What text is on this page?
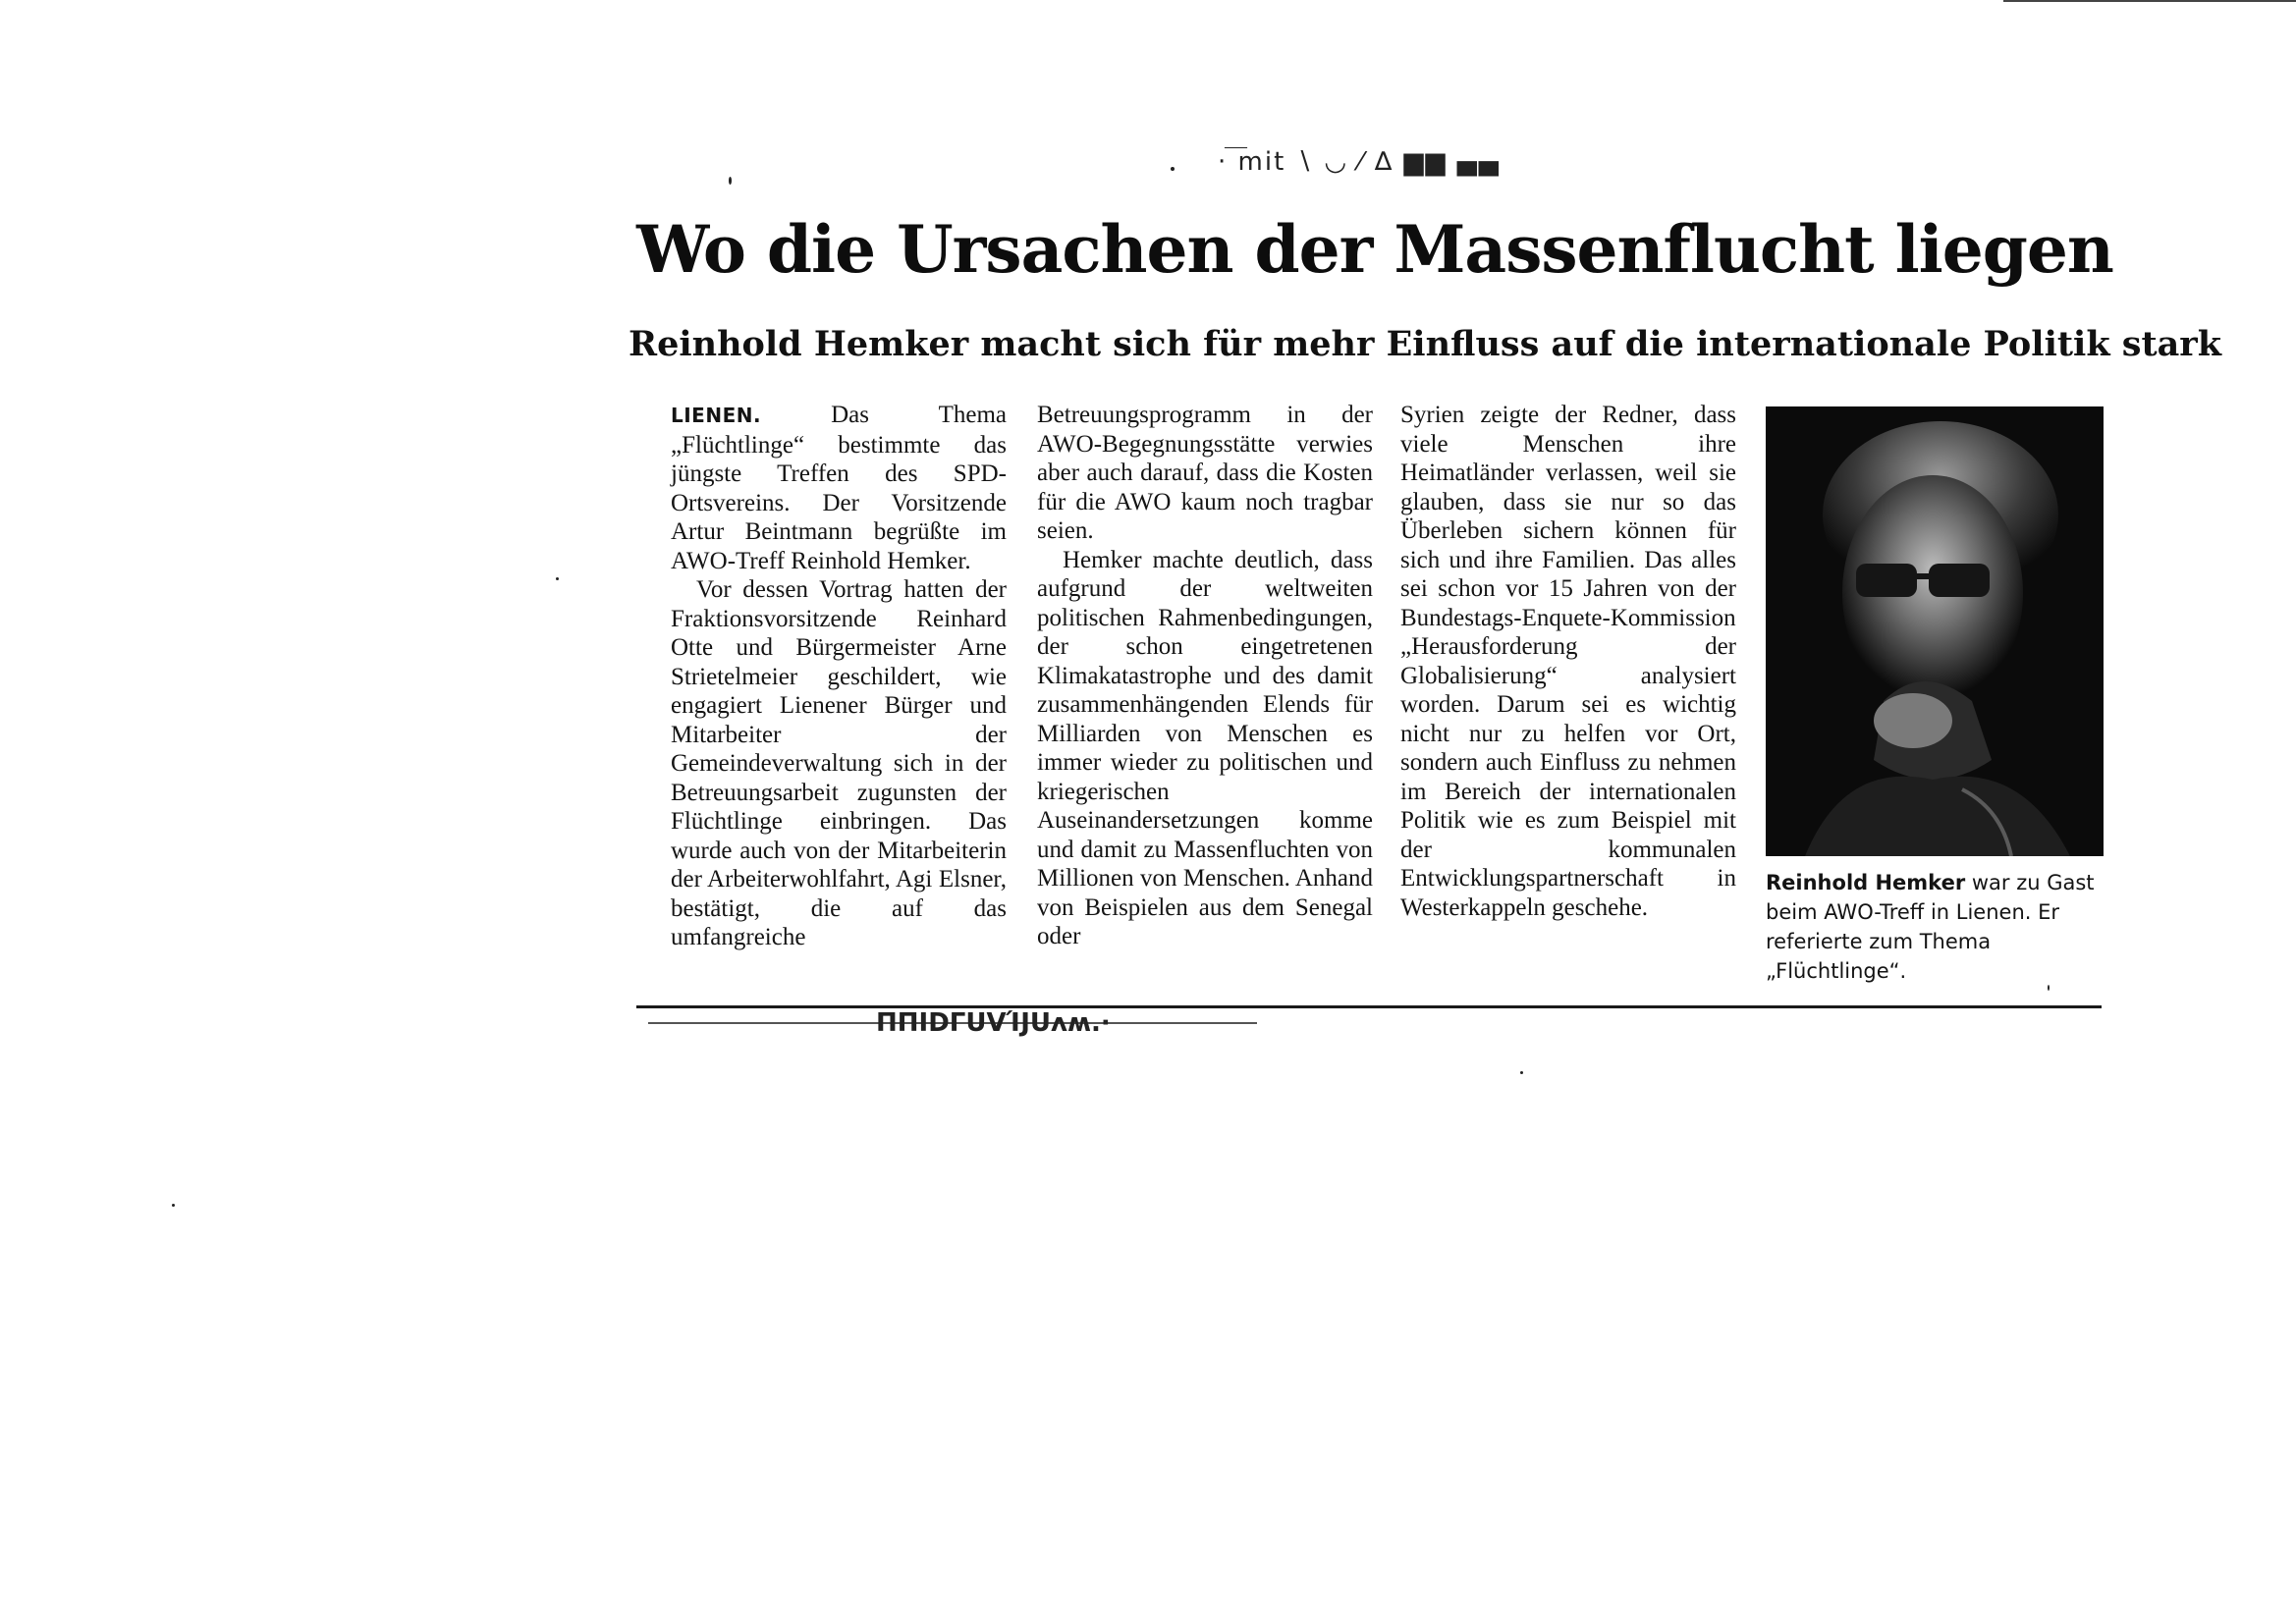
· ͞mit ∖ ◡ ⁄ ∆ ▆▆ ▄▄
Wo die Ursachen der Massenflucht liegen
Reinhold Hemker macht sich für mehr Einfluss auf die internationale Politik stark

LIENEN. Das Thema „Flüchtlinge“ bestimmte das jüngste Treffen des SPD-Ortsvereins. Der Vorsitzende Artur Beintmann begrüßte im AWO-Treff Reinhold Hemker.

Vor dessen Vortrag hatten der Fraktionsvorsitzende Reinhard Otte und Bürgermeister Arne Strietelmeier geschildert, wie engagiert Lienener Bürger und Mitarbeiter der Gemeindeverwaltung sich in der Betreuungsarbeit zugunsten der Flüchtlinge einbringen. Das wurde auch von der Mitarbeiterin der Arbeiterwohlfahrt, Agi Elsner, bestätigt, die auf das umfangreiche

Betreuungsprogramm in der AWO-Begegnungsstätte verwies aber auch darauf, dass die Kosten für die AWO kaum noch tragbar seien.

Hemker machte deutlich, dass aufgrund der weltweiten politischen Rahmenbedingungen, der schon eingetretenen Klimakatastrophe und des damit zusammenhängenden Elends für Milliarden von Menschen es immer wieder zu politischen und kriegerischen Auseinandersetzungen komme und damit zu Massenfluchten von Millionen von Menschen. Anhand von Beispielen aus dem Senegal oder

Syrien zeigte der Redner, dass viele Menschen ihre Heimatländer verlassen, weil sie glauben, dass sie nur so das Überleben sichern können für sich und ihre Familien. Das alles sei schon vor 15 Jahren von der Bundestags-Enquete-Kommission „Herausforderung der Globalisierung“ analysiert worden. Darum sei es wichtig nicht nur zu helfen vor Ort, sondern auch Einfluss zu nehmen im Bereich der internationalen Politik wie es zum Beispiel mit der kommunalen Entwicklungspartnerschaft in Westerkappeln geschehe.

Reinhold Hemker war zu Gast beim AWO-Treff in Lienen. Er referierte zum Thema „Flüchtlinge“.
ΠΠΙDΓUVΊJUʌʍ.·
